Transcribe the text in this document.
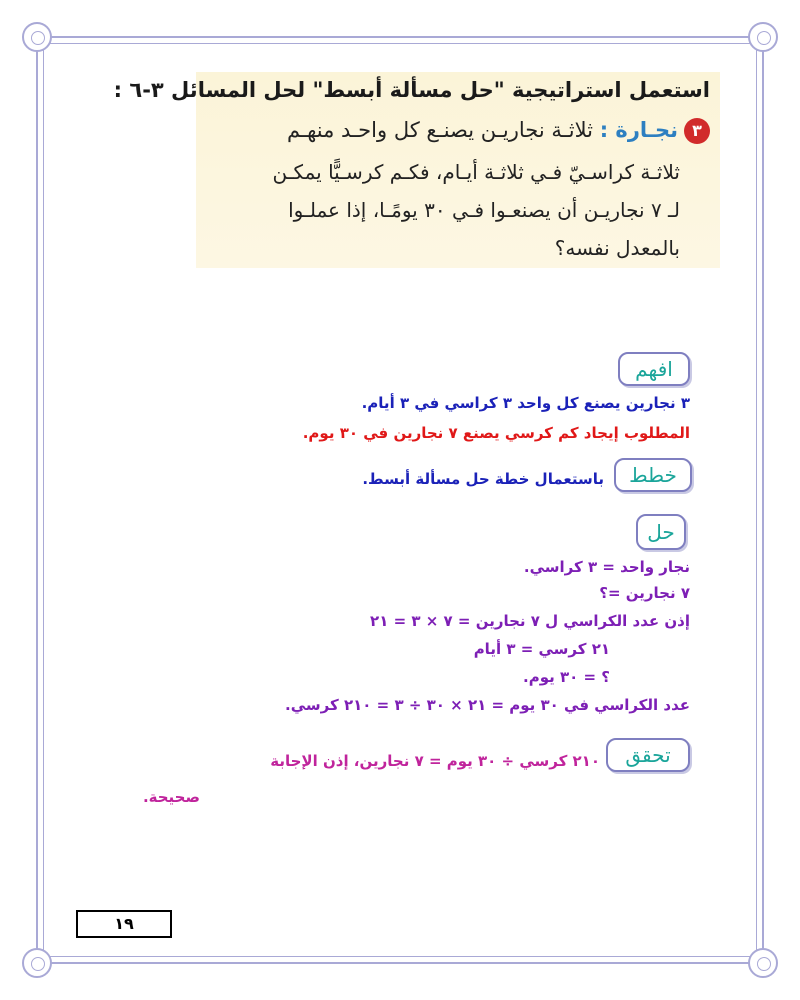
استعمل استراتيجية "حل مسألة أبسط" لحل المسائل ٣-٦ :
٣نجـارة : ثلاثـة نجاريـن يصنـع كل واحـد منهـم
ثلاثـة كراسـيّ فـي ثلاثـة أيـام، فكـم كرسـيًّا يمكـن
لـ ٧ نجاريـن أن يصنعـوا فـي ٣٠ يومًـا، إذا عملـوا
بالمعدل نفسه؟
افهم
٣ نجارين يصنع كل واحد ٣ كراسي في ٣ أيام.
المطلوب إيجاد كم كرسي يصنع ٧ نجارين في ٣٠ يوم.
خطط
باستعمال خطة حل مسألة أبسط.
حل
نجار واحد = ٣ كراسي.
٧ نجارين =؟
إذن عدد الكراسي ل ٧ نجارين = ٧ × ٣ = ٢١
٢١ كرسي = ٣ أيام
؟ = ٣٠ يوم.
عدد الكراسي في ٣٠ يوم = ٢١ × ٣٠ ÷ ٣ = ٢١٠ كرسي.
تحقق
٢١٠ كرسي ÷ ٣٠ يوم = ٧ نجارين، إذن الإجابة
صحيحة.
١٩
